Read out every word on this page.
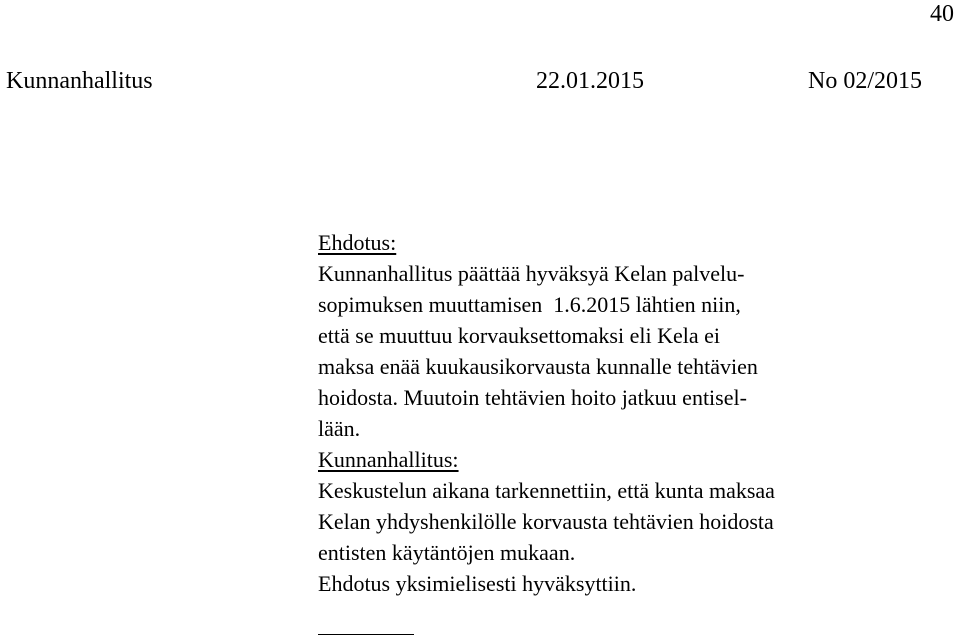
40
Kunnanhallitus	22.01.2015	No 02/2015
Ehdotus:
Kunnanhallitus päättää hyväksyä Kelan palvelu-
sopimuksen muuttamisen  1.6.2015 lähtien niin,
että se muuttuu korvauksettomaksi eli Kela ei
maksa enää kuukausikorvausta kunnalle tehtävien
hoidosta. Muutoin tehtävien hoito jatkuu entisel-
lään.
Kunnanhallitus:
Keskustelun aikana tarkennettiin, että kunta maksaa
Kelan yhdyshenkilölle korvausta tehtävien hoidosta
entisten käytäntöjen mukaan.
Ehdotus yksimielisesti hyväksyttiin.
